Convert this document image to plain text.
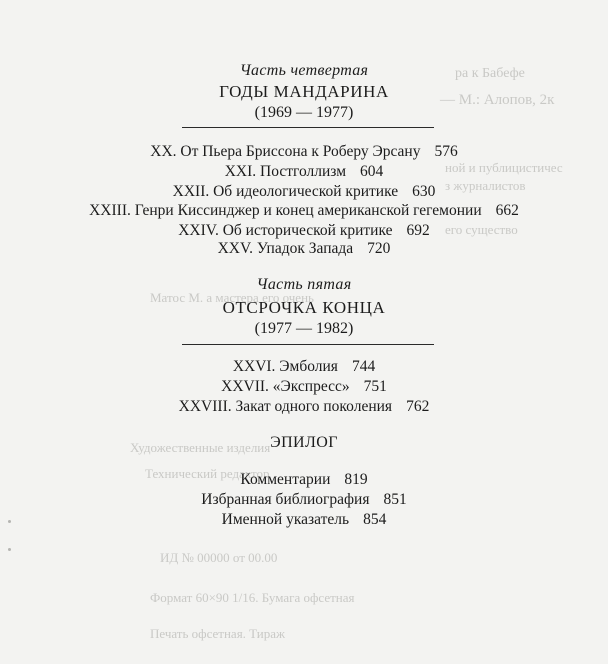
ра к Бабефе
— М.: Алопов, 2к
ной и публицистичес
з журналистов
его существо
Матос М. а мастера его очень
Художественные изделия
Технический редактор
ИД № 00000 от 00.00
Формат 60×90 1/16. Бумага офсетная
Печать офсетная. Тираж
Часть четвертая
ГОДЫ МАНДАРИНА
(1969 — 1977)
XX. От Пьера Бриссона к Роберу Эрсану 576
XXI. Постголлизм 604
XXII. Об идеологической критике 630
XXIII. Генри Киссинджер и конец американской гегемонии 662
XXIV. Об исторической критике 692
XXV. Упадок Запада 720
Часть пятая
ОТСРОЧКА КОНЦА
(1977 — 1982)
XXVI. Эмболия 744
XXVII. «Экспресс» 751
XXVIII. Закат одного поколения 762
ЭПИЛОГ
Комментарии 819
Избранная библиография 851
Именной указатель 854
